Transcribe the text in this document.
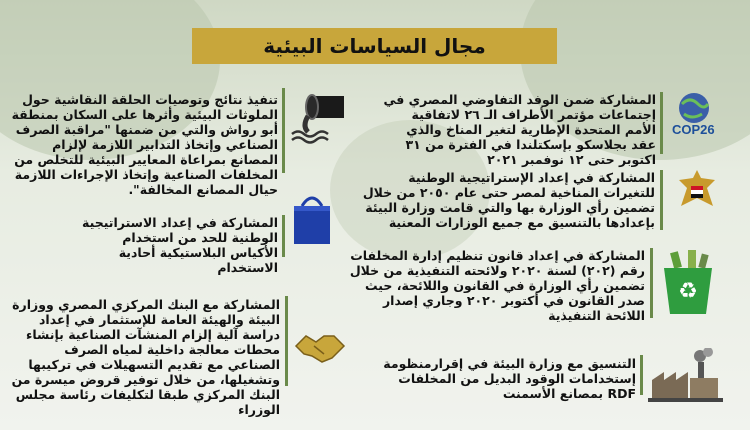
مجال السياسات البيئية
COP26
المشاركة ضمن الوفد التفاوضي المصري في إجتماعات مؤتمر الأطراف الـ ٢٦ لاتفاقية الأمم المتحدة الإطارية لتغير المناخ والذي عقد بجلاسكو بإسكتلندا في الفترة من ٣١ اكتوبر حتى ١٢ نوفمبر ٢٠٢١
المشاركة في إعداد الإستراتيجية الوطنية للتغيرات المناخية لمصر حتى عام ٢٠٥٠ من خلال تضمين رأي الوزارة بها والتي قامت وزارة البيئة بإعدادها بالتنسيق مع جميع الوزارات المعنية
♻
المشاركة في إعداد قانون تنظيم إدارة المخلفات رقم (٢٠٢) لسنة ٢٠٢٠ ولائحته التنفيذية من خلال تضمين رأي الوزارة في القانون واللائحة، حيث صدر القانون في أكتوبر ٢٠٢٠ وجاري إصدار اللائحة التنفيذية
التنسيق مع وزارة البيئة في إقرارمنظومة إستخدامات الوقود البديل من المخلفات RDF بمصانع الأسمنت
تنفيذ نتائج وتوصيات الحلقة النقاشية حول الملوثات البيئية وأثرها على السكان بمنطقة أبو رواش والتي من ضمنها "مراقبة الصرف الصناعي وإتخاذ التدابير اللازمة لإلزام المصانع بمراعاة المعايير البيئية للتخلص من المخلفات الصناعية وإتخاذ الإجراءات اللازمة حيال المصانع المخالفة".
المشاركة في إعداد الاستراتيجية الوطنية للحد من استخدام الأكياس البلاستيكية أحادية الاستخدام
المشاركة مع البنك المركزي المصري ووزارة البيئة والهيئة العامة للإستثمار في إعداد دراسة آلية إلزام المنشآت الصناعية بإنشاء محطات معالجة داخلية لمياه الصرف الصناعي مع تقديم التسهيلات في تركيبها وتشغيلها، من خلال توفير قروض ميسرة من البنك المركزي طبقا لتكليفات رئاسة مجلس الوزراء
